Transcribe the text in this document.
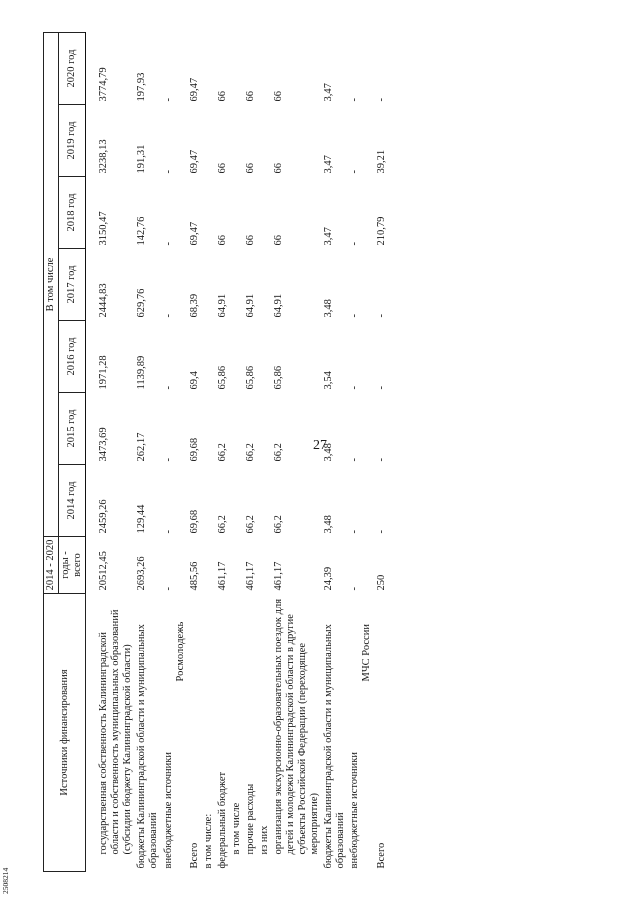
27
2508214
Источники финансирования	2014 - 2020	В том числе						
	годы - всего	2014 год	2015 год	2016 год	2017 год	2018 год	2019 год	2020 год

государственная собственность Калининградской области и собственность муниципальных образований (субсидии бюджету Калининградской области)	20512,45	2459,26	3473,69	1971,28	2444,83	3150,47	3238,13	3774,79
бюджеты Калининградской области и муниципальных образований	2693,26	129,44	262,17	1139,89	629,76	142,76	191,31	197,93
внебюджетные источники	-	-	-	-	-	-	-	-
Росмолодежь								
Всего	485,56	69,68	69,68	69,4	68,39	69,47	69,47	69,47
в том числе:								
федеральный бюджет	461,17	66,2	66,2	65,86	64,91	66	66	66
в том числе								
прочие расходы	461,17	66,2	66,2	65,86	64,91	66	66	66
из них								
организация экскурсионно-образовательных поездок для детей и молодежи Калининградской области в другие субъекты Российской Федерации (переходящее мероприятие)	461,17	66,2	66,2	65,86	64,91	66	66	66
бюджеты Калининградской области и муниципальных образований	24,39	3,48	3,48	3,54	3,48	3,47	3,47	3,47
внебюджетные источники	-	-	-	-	-	-	-	-
МЧС России								
Всего	250	-	-	-	-	210,79	39,21	-
